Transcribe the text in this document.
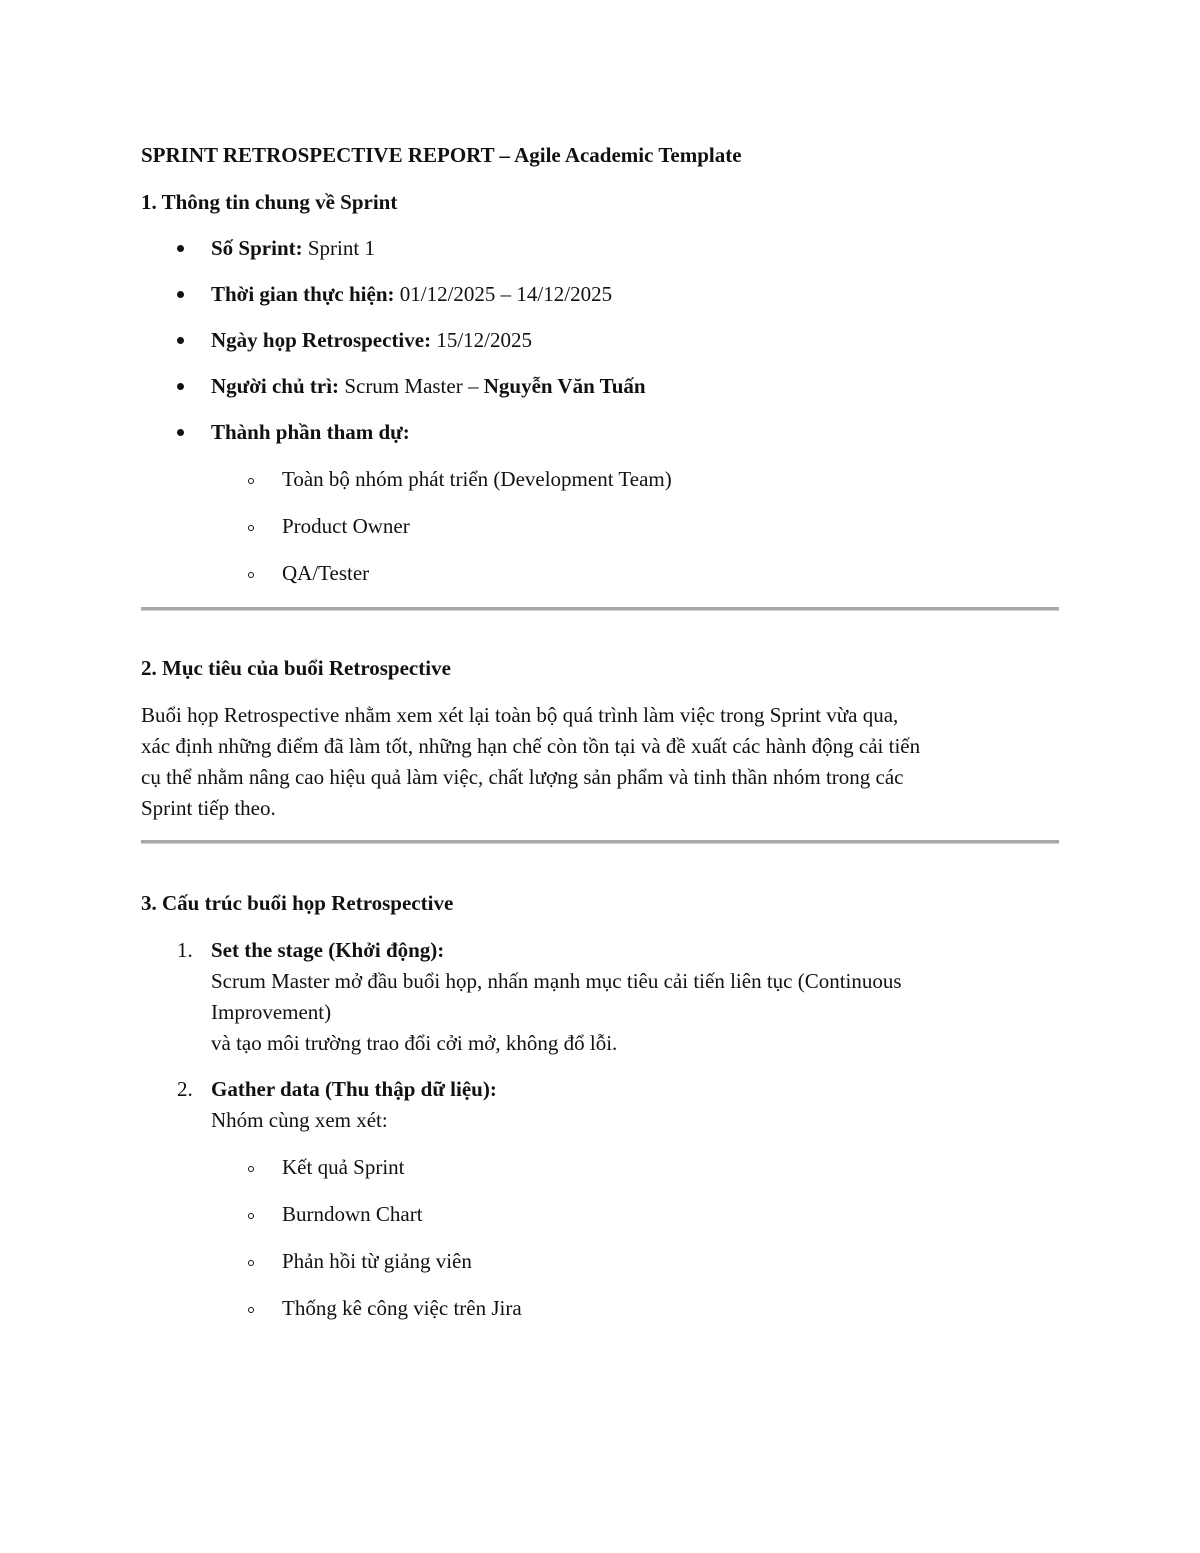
SPRINT RETROSPECTIVE REPORT – Agile Academic Template

1. Thông tin chung về Sprint

Số Sprint: Sprint 1
Thời gian thực hiện: 01/12/2025 – 14/12/2025
Ngày họp Retrospective: 15/12/2025
Người chủ trì: Scrum Master – Nguyễn Văn Tuấn
Thành phần tham dự:
Toàn bộ nhóm phát triển (Development Team)
Product Owner
QA/Tester

2. Mục tiêu của buổi Retrospective

Buổi họp Retrospective nhằm xem xét lại toàn bộ quá trình làm việc trong Sprint vừa qua,
xác định những điểm đã làm tốt, những hạn chế còn tồn tại và đề xuất các hành động cải tiến
cụ thể nhằm nâng cao hiệu quả làm việc, chất lượng sản phẩm và tinh thần nhóm trong các
Sprint tiếp theo.

3. Cấu trúc buổi họp Retrospective

1. Set the stage (Khởi động):
Scrum Master mở đầu buổi họp, nhấn mạnh mục tiêu cải tiến liên tục (Continuous
Improvement)
và tạo môi trường trao đổi cởi mở, không đổ lỗi.
2. Gather data (Thu thập dữ liệu):
Nhóm cùng xem xét:
Kết quả Sprint
Burndown Chart
Phản hồi từ giảng viên
Thống kê công việc trên Jira
